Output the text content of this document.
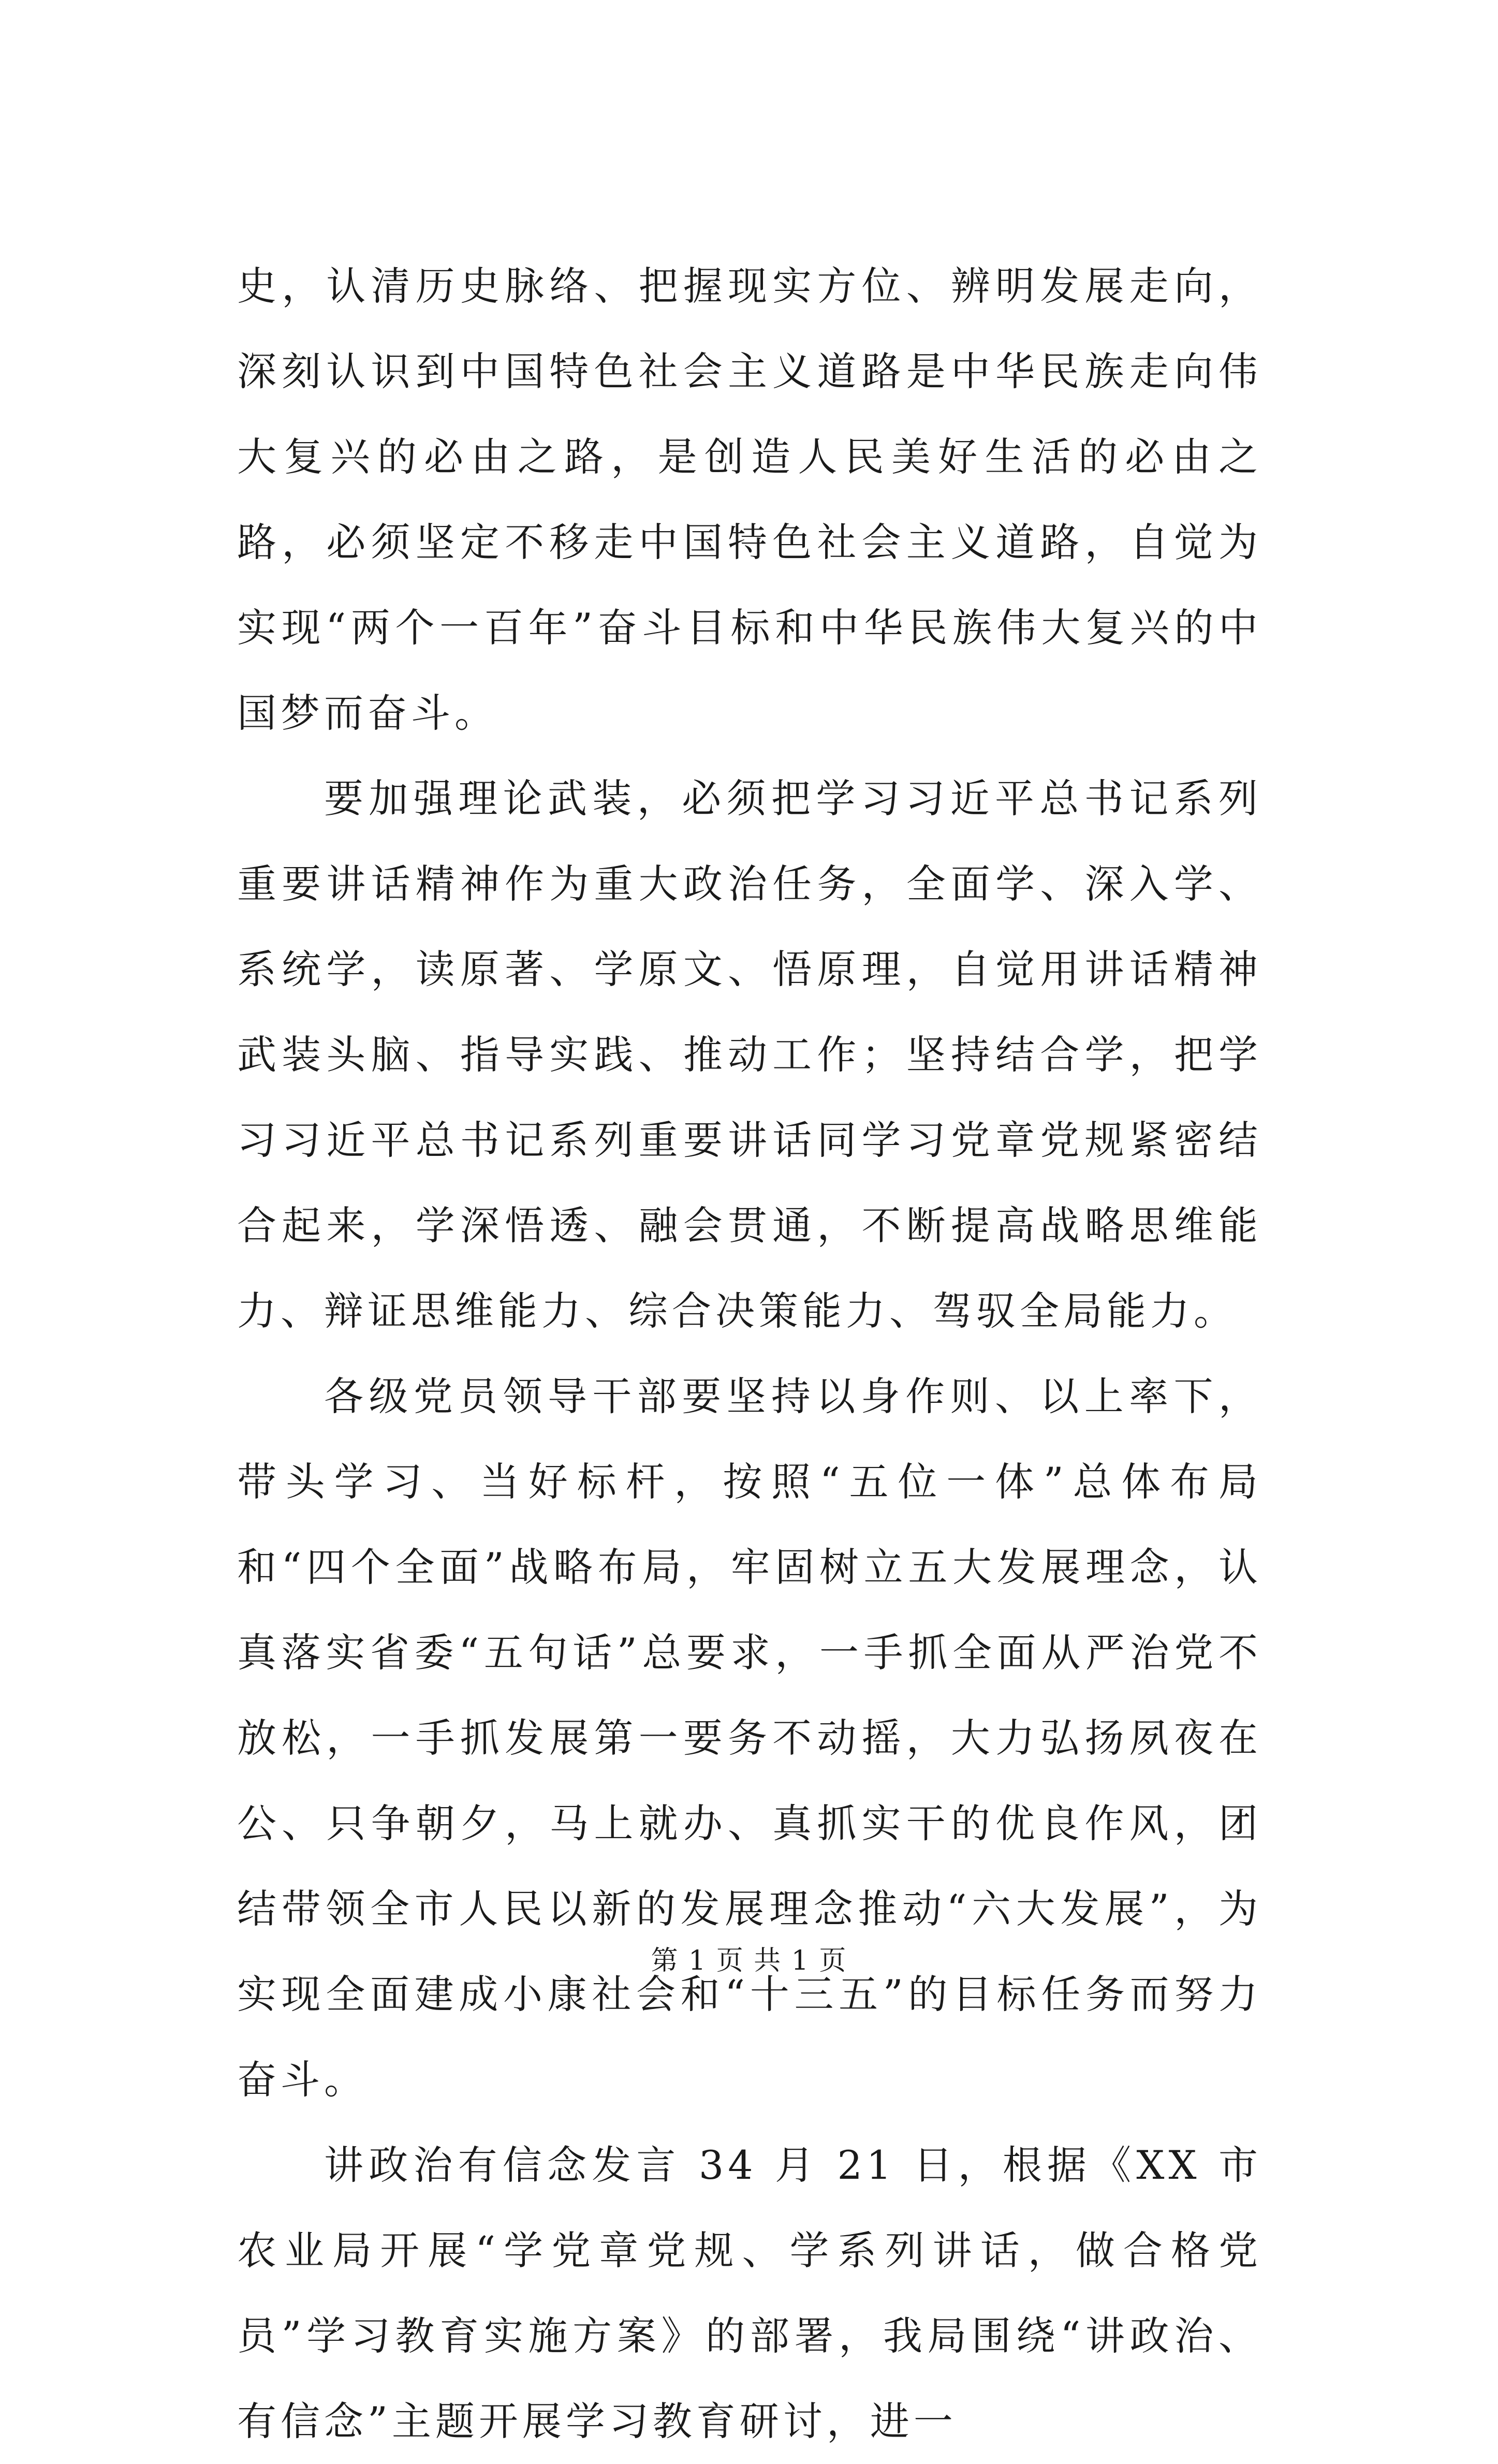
史，认清历史脉络、把握现实方位、辨明发展走向，深刻认识到中国特色社会主义道路是中华民族走向伟大复兴的必由之路，是创造人民美好生活的必由之路，必须坚定不移走中国特色社会主义道路，自觉为实现“两个一百年”奋斗目标和中华民族伟大复兴的中国梦而奋斗。

要加强理论武装，必须把学习习近平总书记系列重要讲话精神作为重大政治任务，全面学、深入学、系统学，读原著、学原文、悟原理，自觉用讲话精神武装头脑、指导实践、推动工作；坚持结合学，把学习习近平总书记系列重要讲话同学习党章党规紧密结合起来，学深悟透、融会贯通，不断提高战略思维能力、辩证思维能力、综合决策能力、驾驭全局能力。

各级党员领导干部要坚持以身作则、以上率下，带头学习、当好标杆，按照“五位一体”总体布局和“四个全面”战略布局，牢固树立五大发展理念，认真落实省委“五句话”总要求，一手抓全面从严治党不放松，一手抓发展第一要务不动摇，大力弘扬夙夜在公、只争朝夕，马上就办、真抓实干的优良作风，团结带领全市人民以新的发展理念推动“六大发展”，为实现全面建成小康社会和“十三五”的目标任务而努力奋斗。

讲政治有信念发言 34 月 21 日，根据《XX 市农业局开展“学党章党规、学系列讲话，做合格党员”学习教育实施方案》的部署，我局围绕“讲政治、有信念”主题开展学习教育研讨，进一

第 1 页 共 1 页
